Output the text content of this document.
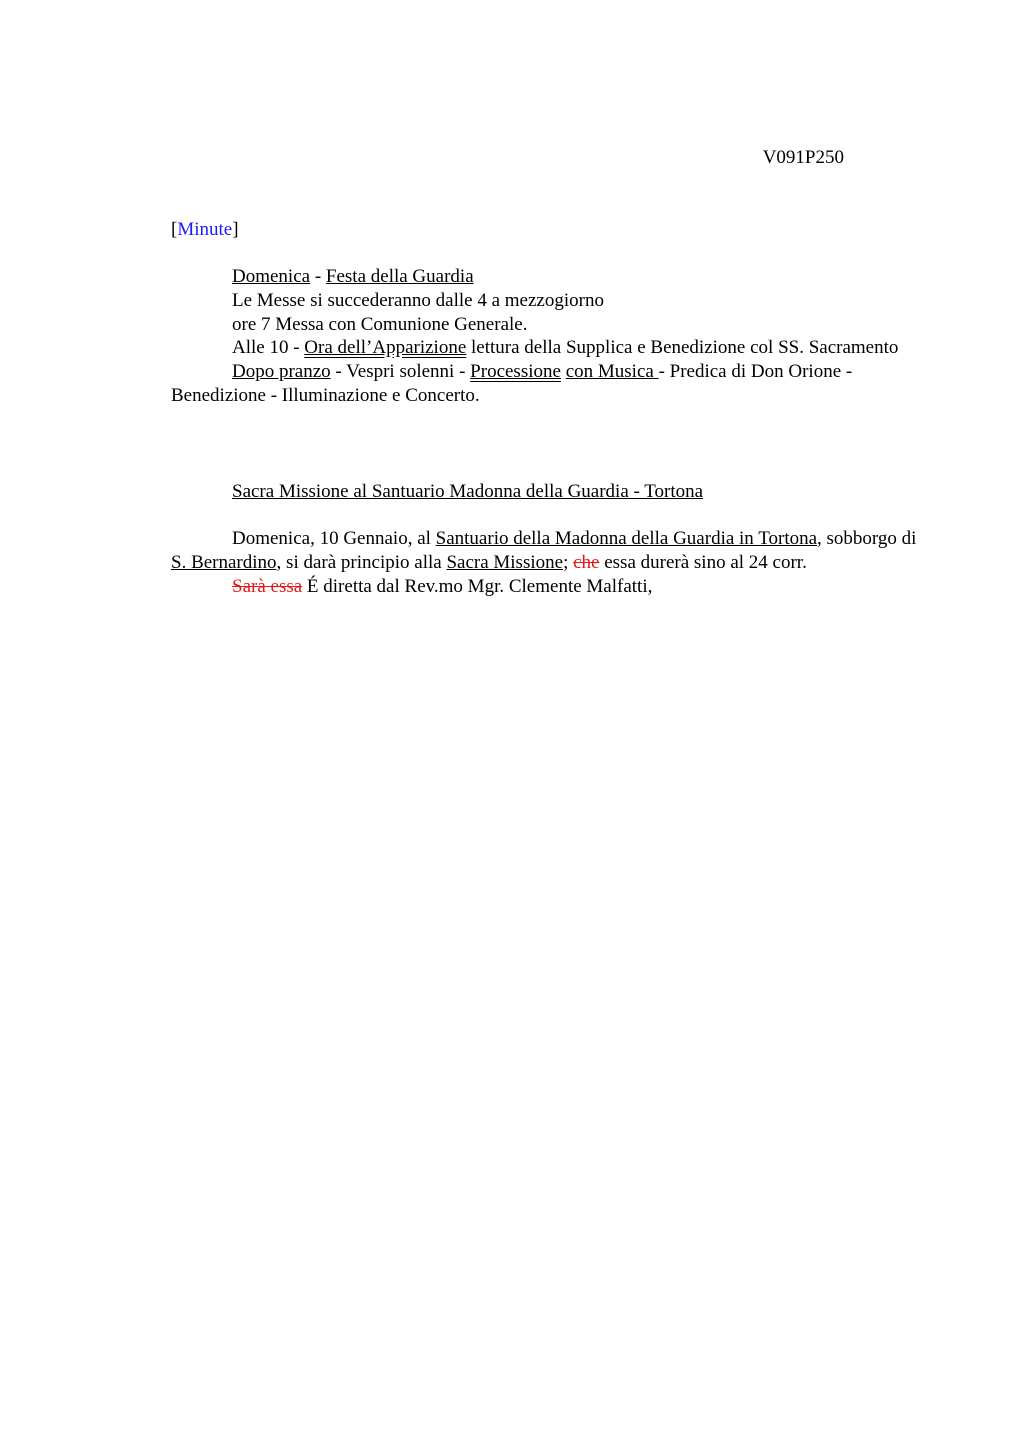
V091P250
[Minute]

Domenica - Festa della Guardia

Le Messe si succederanno dalle 4 a mezzogiorno

ore 7 Messa con Comunione Generale.

Alle 10 - Ora dell’Apparizione lettura della Supplica e Benedizione col SS. Sacramento

Dopo pranzo - Vespri solenni - Processione con Musica - Predica di Don Orione - Benedizione - Illuminazione e Concerto.

Sacra Missione al Santuario Madonna della Guardia - Tortona

Domenica, 10 Gennaio, al Santuario della Madonna della Guardia in Tortona, sobborgo di S. Bernardino, si darà principio alla Sacra Missione; che essa durerà sino al 24 corr.

Sarà essa É diretta dal Rev.mo Mgr. Clemente Malfatti,
